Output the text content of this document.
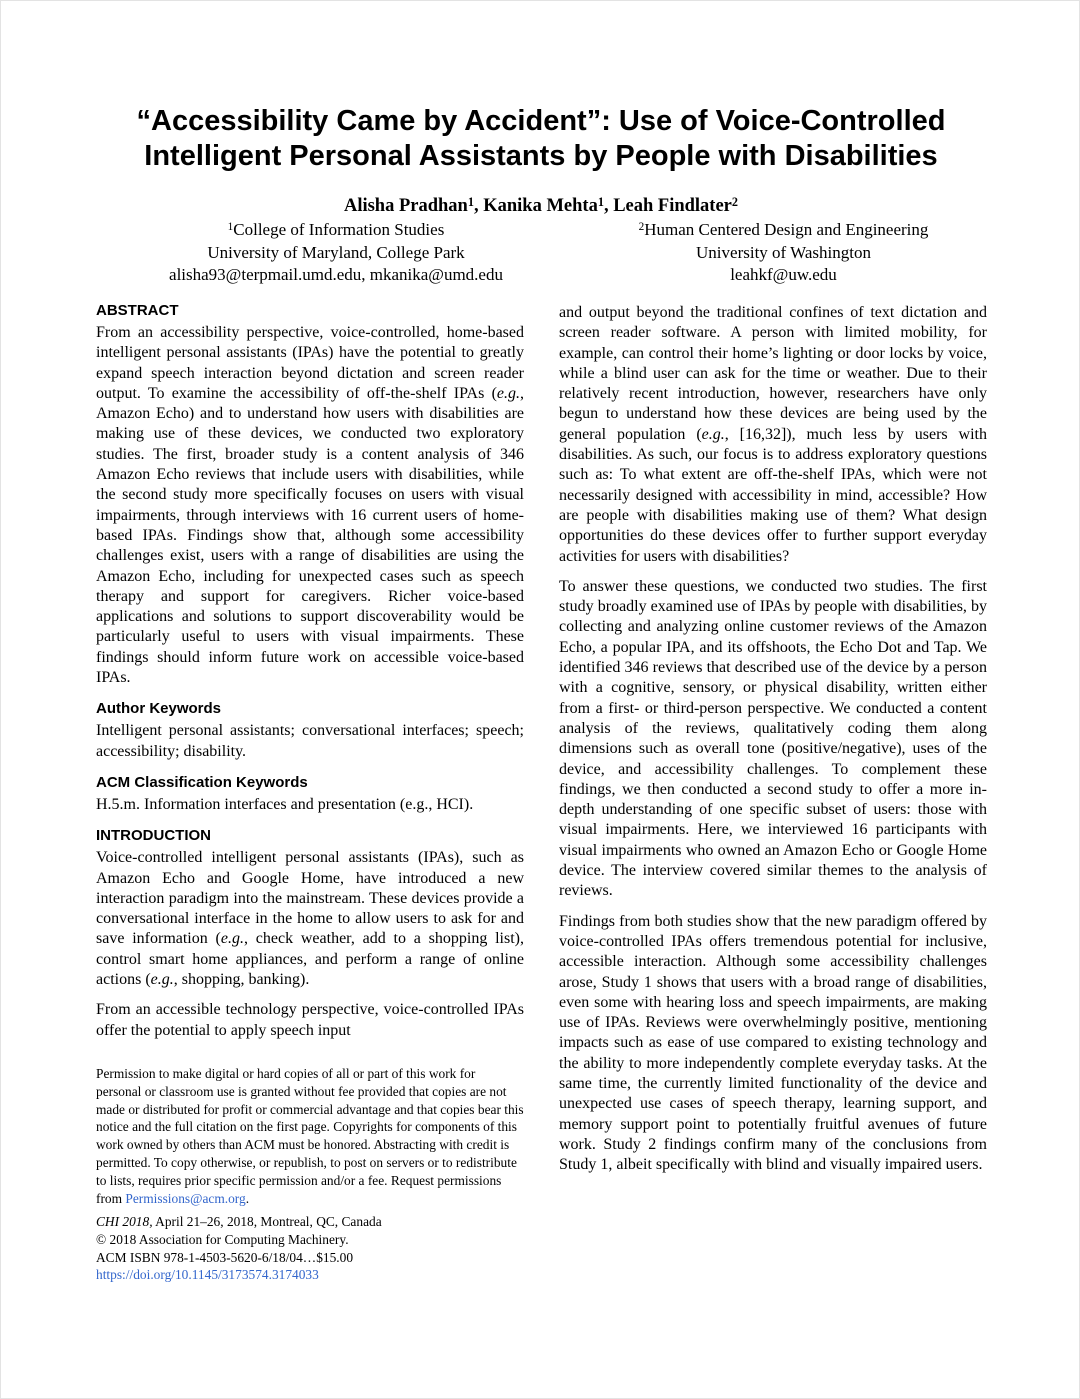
“Accessibility Came by Accident”: Use of Voice-Controlled
Intelligent Personal Assistants by People with Disabilities
Alisha Pradhan$^1$, Kanika Mehta$^1$, Leah Findlater$^2$
$^1$College of Information Studies
University of Maryland, College Park
alisha93@terpmail.umd.edu, mkanika@umd.edu
$^2$Human Centered Design and Engineering
University of Washington
leahkf@uw.edu
ABSTRACT

From an accessibility perspective, voice-controlled, home-based intelligent personal assistants (IPAs) have the potential to greatly expand speech interaction beyond dictation and screen reader output. To examine the accessibility of off-the-shelf IPAs (e.g., Amazon Echo) and to understand how users with disabilities are making use of these devices, we conducted two exploratory studies. The first, broader study is a content analysis of 346 Amazon Echo reviews that include users with disabilities, while the second study more specifically focuses on users with visual impairments, through interviews with 16 current users of home-based IPAs. Findings show that, although some accessibility challenges exist, users with a range of disabilities are using the Amazon Echo, including for unexpected cases such as speech therapy and support for caregivers. Richer voice-based applications and solutions to support discoverability would be particularly useful to users with visual impairments. These findings should inform future work on accessible voice-based IPAs.

Author Keywords

Intelligent personal assistants; conversational interfaces; speech; accessibility; disability.

ACM Classification Keywords

H.5.m. Information interfaces and presentation (e.g., HCI).

INTRODUCTION

Voice-controlled intelligent personal assistants (IPAs), such as Amazon Echo and Google Home, have introduced a new interaction paradigm into the mainstream. These devices provide a conversational interface in the home to allow users to ask for and save information (e.g., check weather, add to a shopping list), control smart home appliances, and perform a range of online actions (e.g., shopping, banking).

From an accessible technology perspective, voice-controlled IPAs offer the potential to apply speech input

Permission to make digital or hard copies of all or part of this work for personal or classroom use is granted without fee provided that copies are not made or distributed for profit or commercial advantage and that copies bear this notice and the full citation on the first page. Copyrights for components of this work owned by others than ACM must be honored. Abstracting with credit is permitted. To copy otherwise, or republish, to post on servers or to redistribute to lists, requires prior specific permission and/or a fee. Request permissions from Permissions@acm.org.
CHI 2018, April 21–26, 2018, Montreal, QC, Canada
© 2018 Association for Computing Machinery.
ACM ISBN 978-1-4503-5620-6/18/04…$15.00
https://doi.org/10.1145/3173574.3174033

and output beyond the traditional confines of text dictation and screen reader software. A person with limited mobility, for example, can control their home’s lighting or door locks by voice, while a blind user can ask for the time or weather. Due to their relatively recent introduction, however, researchers have only begun to understand how these devices are being used by the general population (e.g., [16,32]), much less by users with disabilities. As such, our focus is to address exploratory questions such as: To what extent are off-the-shelf IPAs, which were not necessarily designed with accessibility in mind, accessible? How are people with disabilities making use of them? What design opportunities do these devices offer to further support everyday activities for users with disabilities?

To answer these questions, we conducted two studies. The first study broadly examined use of IPAs by people with disabilities, by collecting and analyzing online customer reviews of the Amazon Echo, a popular IPA, and its offshoots, the Echo Dot and Tap. We identified 346 reviews that described use of the device by a person with a cognitive, sensory, or physical disability, written either from a first- or third-person perspective. We conducted a content analysis of the reviews, qualitatively coding them along dimensions such as overall tone (positive/negative), uses of the device, and accessibility challenges. To complement these findings, we then conducted a second study to offer a more in-depth understanding of one specific subset of users: those with visual impairments. Here, we interviewed 16 participants with visual impairments who owned an Amazon Echo or Google Home device. The interview covered similar themes to the analysis of reviews.

Findings from both studies show that the new paradigm offered by voice-controlled IPAs offers tremendous potential for inclusive, accessible interaction. Although some accessibility challenges arose, Study 1 shows that users with a broad range of disabilities, even some with hearing loss and speech impairments, are making use of IPAs. Reviews were overwhelmingly positive, mentioning impacts such as ease of use compared to existing technology and the ability to more independently complete everyday tasks. At the same time, the currently limited functionality of the device and unexpected use cases of speech therapy, learning support, and memory support point to potentially fruitful avenues of future work. Study 2 findings confirm many of the conclusions from Study 1, albeit specifically with blind and visually impaired users.
